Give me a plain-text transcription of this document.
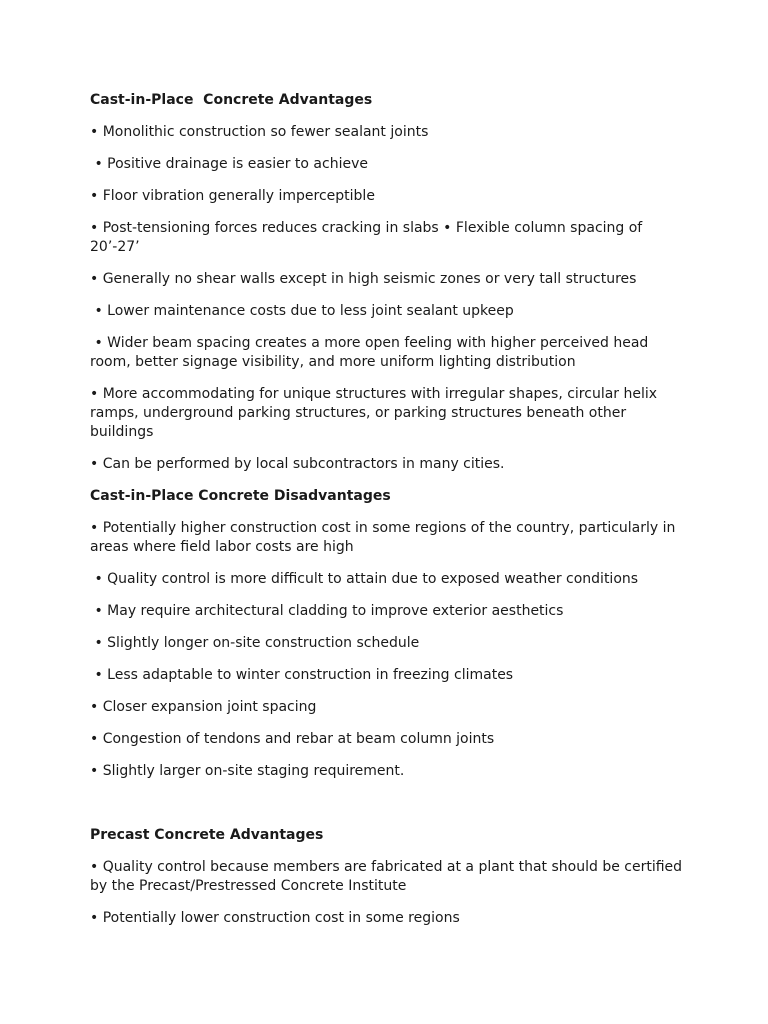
Cast-in-Place  Concrete Advantages
• Monolithic construction so fewer sealant joints
• Positive drainage is easier to achieve
• Floor vibration generally imperceptible
• Post-tensioning forces reduces cracking in slabs • Flexible column spacing of 20’-27’
• Generally no shear walls except in high seismic zones or very tall structures
• Lower maintenance costs due to less joint sealant upkeep
• Wider beam spacing creates a more open feeling with higher perceived head room, better signage visibility, and more uniform lighting distribution
• More accommodating for unique structures with irregular shapes, circular helix ramps, underground parking structures, or parking structures beneath other buildings
• Can be performed by local subcontractors in many cities.
Cast-in-Place Concrete Disadvantages
• Potentially higher construction cost in some regions of the country, particularly in areas where field labor costs are high
• Quality control is more difficult to attain due to exposed weather conditions
• May require architectural cladding to improve exterior aesthetics
• Slightly longer on-site construction schedule
• Less adaptable to winter construction in freezing climates
• Closer expansion joint spacing
• Congestion of tendons and rebar at beam column joints
• Slightly larger on-site staging requirement.
Precast Concrete Advantages
• Quality control because members are fabricated at a plant that should be certified by the Precast/Prestressed Concrete Institute
• Potentially lower construction cost in some regions
